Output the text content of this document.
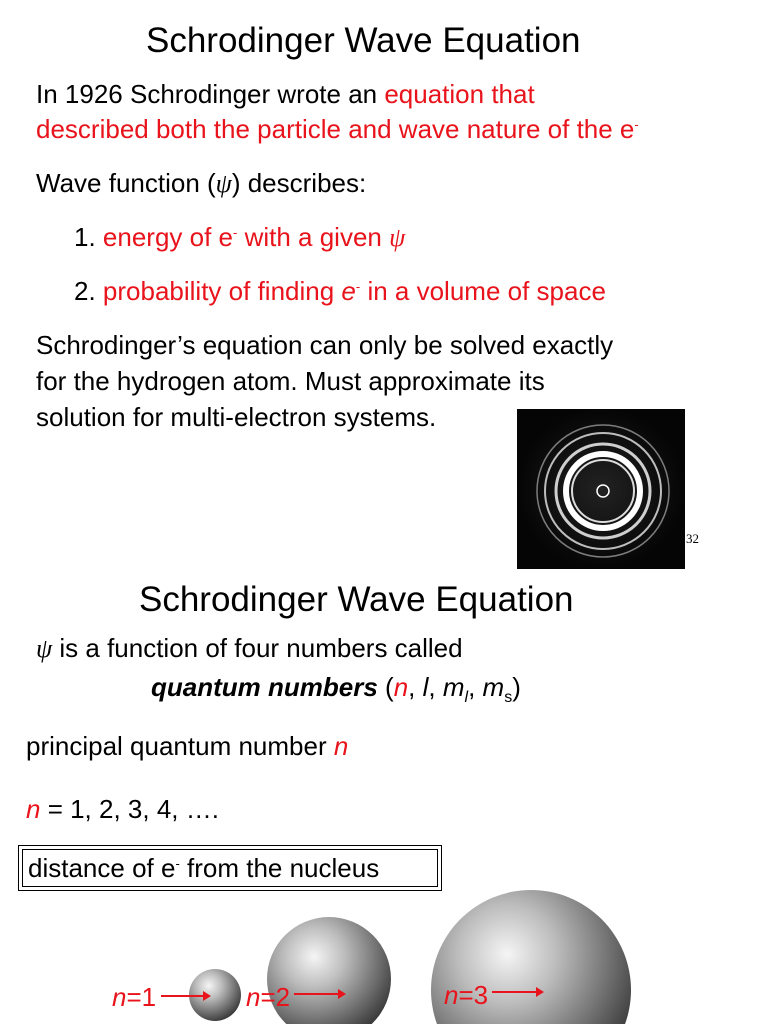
Schrodinger Wave Equation
In 1926 Schrodinger wrote an equation that
described both the particle and wave nature of the e-
Wave function (ψ) describes:
1. energy of e- with a given ψ
2. probability of finding e- in a volume of space
Schrodinger’s equation can only be solved exactly
for the hydrogen atom. Must approximate its
solution for multi-electron systems.
32
Schrodinger Wave Equation
ψ is a function of four numbers called
quantum numbers (n, l, $m_l$, $m_s$)
principal quantum number n
n = 1, 2, 3, 4, ….
distance of e- from the nucleus
n=1	n=2	n=3
